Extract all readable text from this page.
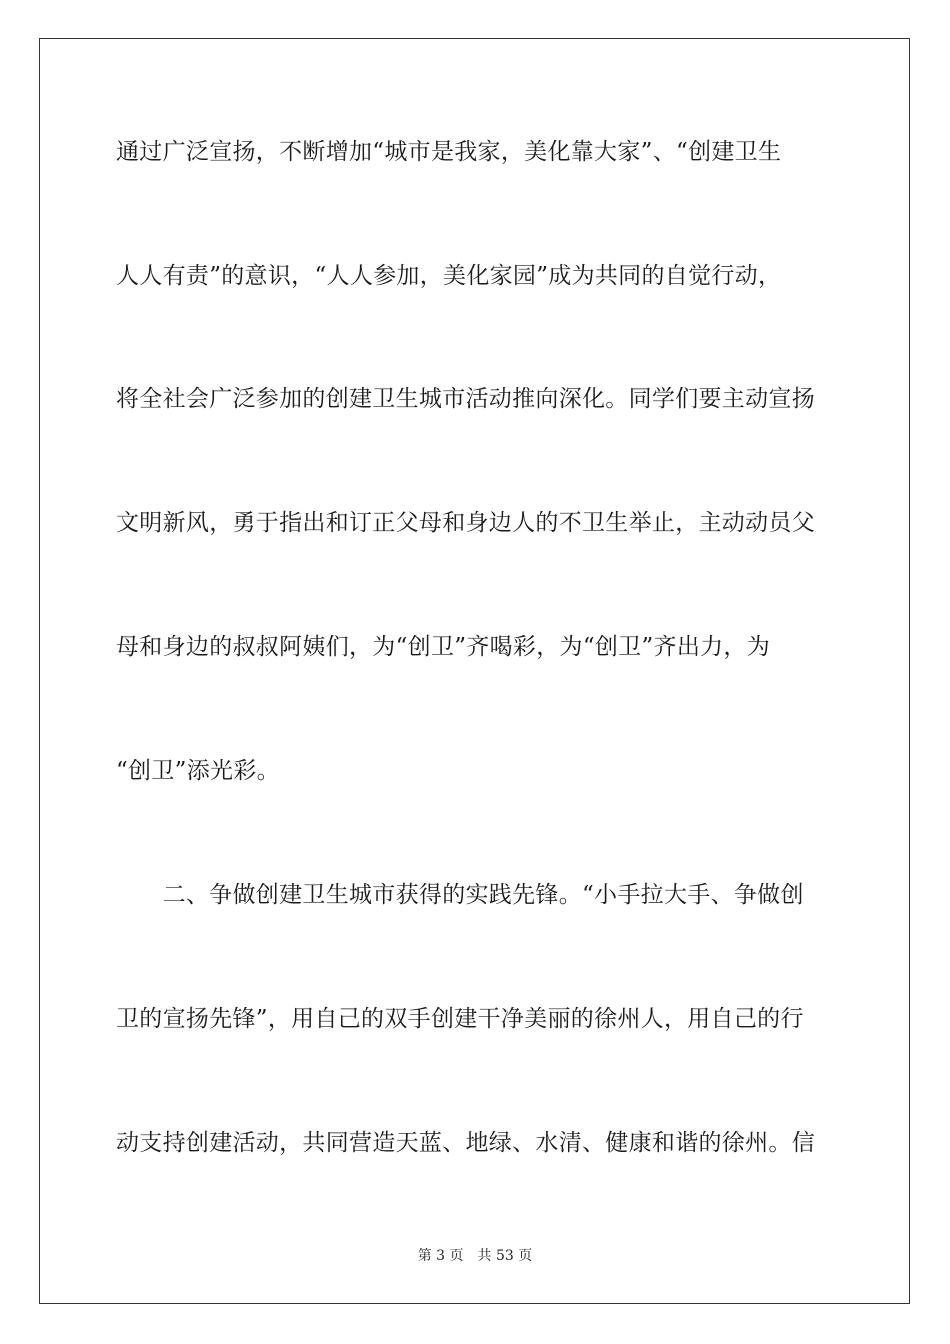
通过广泛宣扬，不断增加“城市是我家，美化靠大家”、“创建卫生
人人有责”的意识，“人人参加，美化家园”成为共同的自觉行动，
将全社会广泛参加的创建卫生城市活动推向深化。同学们要主动宣扬
文明新风，勇于指出和订正父母和身边人的不卫生举止，主动动员父
母和身边的叔叔阿姨们，为“创卫”齐喝彩，为“创卫”齐出力，为
“创卫”添光彩。
　　二、争做创建卫生城市获得的实践先锋。“小手拉大手、争做创
卫的宣扬先锋”，用自己的双手创建干净美丽的徐州人，用自己的行
动支持创建活动，共同营造天蓝、地绿、水清、健康和谐的徐州。信
第 3 页 共 53 页
